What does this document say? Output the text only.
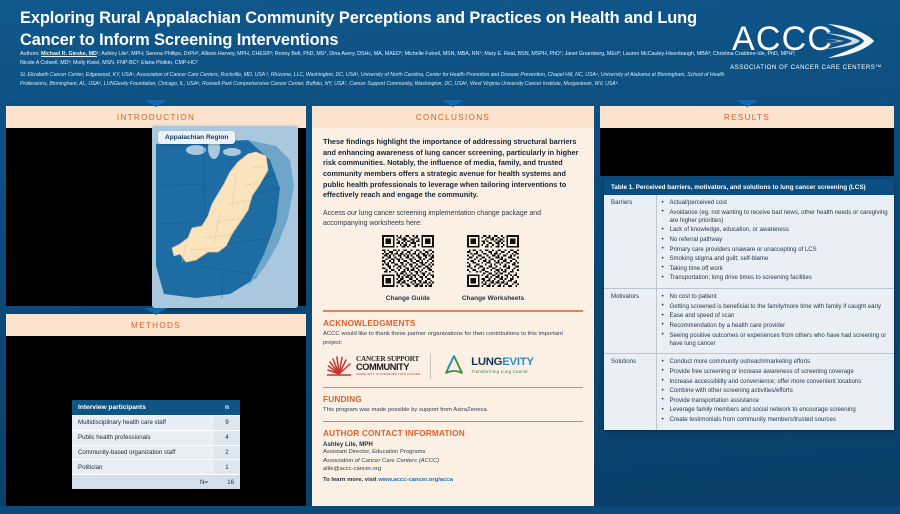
Exploring Rural Appalachian Community Perceptions and Practices on Health and Lung Cancer to Inform Screening Interventions
Authors: Michael R. Gieske, MD¹; Ashley Lile², MPH; Serena Phillips, DrPH³, Allison Harvey, MPH, CHES®²; Ronny Bell, PhD, MS⁴, Dina Avery, DSHc, MA, MAED²; Michelle Futrell, MSN, MBA, RN⁵; Mary E. Reid, BSN, MSPH, PhD⁷; Janet Gruenberg, MEd⁸; Lauren McCauley-Hixenbaugh, MBA³; Christina Crabtree-Ide, PhD, MPH³; Nicole A Colwell, MD²; Molly Kisiel, MSN, FNP-BC²; Elana Plotkin, CMP-HC²
St. Elizabeth Cancer Center, Edgewood, KY, USA¹, Association of Cancer Care Centers, Rockville, MD, USA ², Rhizome, LLC, Washington, DC, USA³, University of North Carolina, Center for Health Promotion and Disease Prevention, Chapel Hill, NC, USA⁴, University of Alabama at Birmingham, School of Health Professions, Birmingham, AL, USA⁵, LUNGevity Foundation, Chicago, IL, USA⁶, Roswell Park Comprehensive Cancer Center, Buffalo, NY, USA⁷, Cancer Support Community, Washington, DC, USA⁸, West Virginia University Cancer Institute, Morgantown, WV, USA⁹
ACCC
ASSOCIATION OF CANCER CARE CENTERS™
INTRODUCTION
Appalachian Region
METHODS
Interview participants	n
Multidisciplinary health care staff	9
Public health professionals	4
Community-based organization staff	2
Politician	1
N=	16
CONCLUSIONS
These findings highlight the importance of addressing structural barriers and enhancing awareness of lung cancer screening, particularly in higher risk communities. Notably, the influence of media, family, and trusted community members offers a strategic avenue for health systems and public health professionals to leverage when tailoring interventions to effectively reach and engage the community.
Access our lung cancer screening implementation change package and accompanying worksheets here:
Change Guide	Change Worksheets
ACKNOWLEDGMENTS
ACCC would like to thank these partner organizations for their contributions to this important project:
CANCER SUPPORT
COMMUNITY
COMMUNITY IS STRONGER THAN CANCER
LUNGEVITY
Transforming Lung Cancer
FUNDING
This program was made possible by support from AstraZeneca.
AUTHOR CONTACT INFORMATION
Ashley Lile, MPH
Assistant Director, Education Programs
Association of Cancer Care Centers (ACCC)
alile@accc-cancer.org
To learn more, visit www.accc-cancer.org/acca
RESULTS
Table 1. Perceived barriers, motivators, and solutions to lung cancer screening (LCS)
Barriers	
•Actual/perceived cost
• Avoidance (eg, not wanting to receive bad news, other health needs or caregiving are higher priorities)
• Lack of knowledge, education, or awareness
• No referral pathway
• Primary care providers unaware or unaccepting of LCS
• Smoking stigma and guilt; self-blame
• Taking time off work
• Transportation; long drive times to screening facilities

Motivators	
•No cost to patient
• Getting screened is beneficial to the family/more time with family if caught early
• Ease and speed of scan
• Recommendation by a health care provider
• Seeing positive outcomes or experiences from others who have had screening or have lung cancer

Solutions	
•Conduct more community outreach/marketing efforts
• Provide free screening or increase awareness of screening coverage
• Increase accessibility and convenience; offer more convenient locations
• Combine with other screening activities/efforts
• Provide transportation assistance
• Leverage family members and social network to encourage screening
• Create testimonials from community members/trusted sources
